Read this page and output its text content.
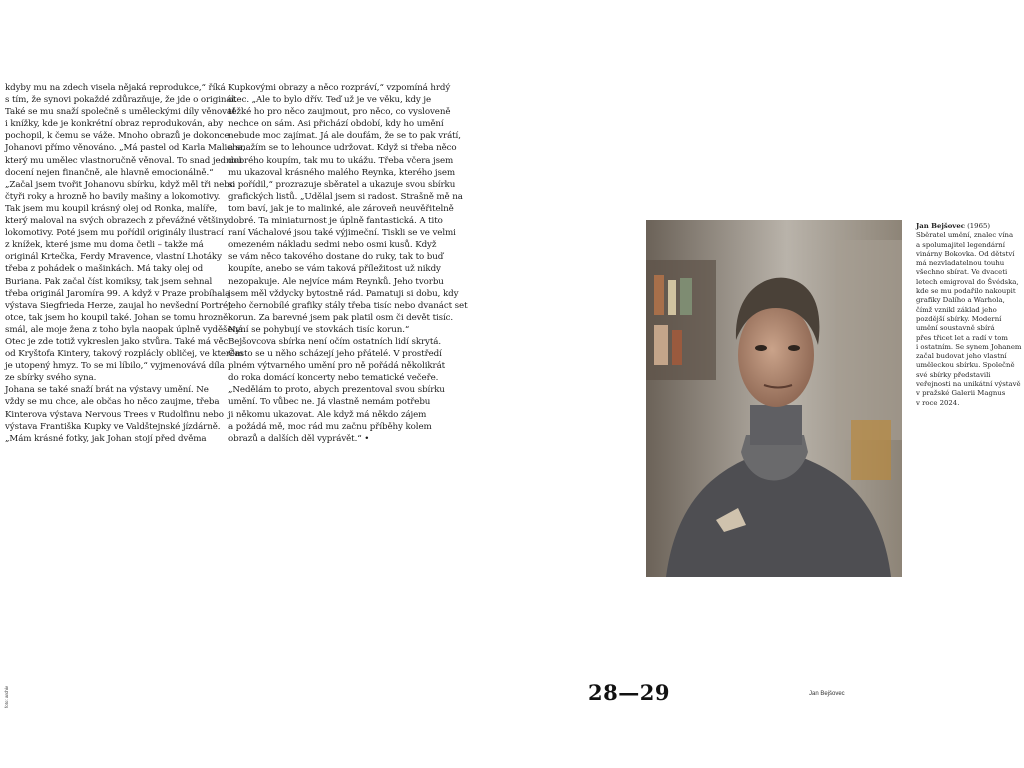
kdyby mu na zdech visela nějaká reprodukce,“ říká
s tím, že synovi pokaždé zdůrazňuje, že jde o originál.
Také se mu snaží společně s uměleckými díly věnovat
i knížky, kde je konkrétní obraz reprodukován, aby
pochopil, k čemu se váže. Mnoho obrazů je dokonce
Johanovi přímo věnováno. „Má pastel od Karla Malicha,
který mu umělec vlastnoručně věnoval. To snad jednou
docení nejen finančně, ale hlavně emocionálně.“
„Začal jsem tvořit Johanovu sbírku, když měl tři nebo
čtyři roky a hrozně ho bavily mašiny a lokomotivy.
Tak jsem mu koupil krásný olej od Ronka, malíře,
který maloval na svých obrazech z převážné většiny
lokomotivy. Poté jsem mu pořídil originály ilustrací
z knížek, které jsme mu doma četli – takže má
originál Krtečka, Ferdy Mravence, vlastní Lhotáky
třeba z pohádek o mašinkách. Má taky olej od
Buriana. Pak začal číst komiksy, tak jsem sehnal
třeba originál Jaromíra 99. A když v Praze probíhala
výstava Siegfrieda Herze, zaujal ho nevšední Portrét
otce, tak jsem ho koupil také. Johan se tomu hrozně
smál, ale moje žena z toho byla naopak úplně vyděšená.
Otec je zde totiž vykreslen jako stvůra. Také má věc
od Kryštofa Kintery, takový rozplácly obličej, ve kterém
je utopený hmyz. To se mi líbilo,“ vyjmenovává díla
ze sbírky svého syna.
Johana se také snaží brát na výstavy umění. Ne
vždy se mu chce, ale občas ho něco zaujme, třeba
Kinterova výstava Nervous Trees v Rudolfinu nebo
výstava Františka Kupky ve Valdštejnské jízdárně.
„Mám krásné fotky, jak Johan stojí před dvěma
Kupkovými obrazy a něco rozpráví,“ vzpomíná hrdý
otec. „Ale to bylo dřív. Teď už je ve věku, kdy je
těžké ho pro něco zaujmout, pro něco, co vysloveně
nechce on sám. Asi přichází období, kdy ho umění
nebude moc zajímat. Já ale doufám, že se to pak vrátí,
a snažím se to lehounce udržovat. Když si třeba něco
dobrého koupím, tak mu to ukážu. Třeba včera jsem
mu ukazoval krásného malého Reynka, kterého jsem
si pořídil,“ prozrazuje sběratel a ukazuje svou sbírku
grafických listů. „Udělal jsem si radost. Strašně mě na
tom baví, jak je to malinké, ale zároveň neuvěřitelně
dobré. Ta miniaturnost je úplně fantastická. A tito
raní Váchalové jsou také výjimeční. Tiskli se ve velmi
omezeném nákladu sedmi nebo osmi kusů. Když
se vám něco takového dostane do ruky, tak to buď
koupíte, anebo se vám taková příležitost už nikdy
nezopakuje. Ale nejvíce mám Reynků. Jeho tvorbu
jsem měl vždycky bytostně rád. Pamatuji si dobu, kdy
jeho černobílé grafiky stály třeba tisíc nebo dvanáct set
korun. Za barevné jsem pak platil osm či devět tisíc.
Nyní se pohybují ve stovkách tisíc korun.“
Bejšovcova sbírka není očím ostatních lidí skrytá.
Často se u něho scházejí jeho přátelé. V prostředí
plném výtvarného umění pro ně pořádá několikrát
do roka domácí koncerty nebo tematické večeře.
„Nedělám to proto, abych prezentoval svou sbírku
umění. To vůbec ne. Já vlastně nemám potřebu
ji někomu ukazovat. Ale když má někdo zájem
a požádá mě, moc rád mu začnu příběhy kolem
obrazů a dalších děl vyprávět.“ •
Jan Bejšovec (1965)
Sběratel umění, znalec vína
a spolumajitel legendární
vinárny Bokovka. Od dětství
má nezvladatelnou touhu
všechno sbírat. Ve dvaceti
letech emigroval do Švédska,
kde se mu podařilo nakoupit
grafiky Dalího a Warhola,
čímž vznikl základ jeho
pozdější sbírky. Moderní
umění soustavně sbírá
přes třicet let a radí v tom
i ostatním. Se synem Johanem
začal budovat jeho vlastní
uměleckou sbírku. Společně
své sbírky představili
veřejnosti na unikátní výstavě
v pražské Galerii Magnus
v roce 2024.
28—29	Jan Bejšovec
foto: archiv
